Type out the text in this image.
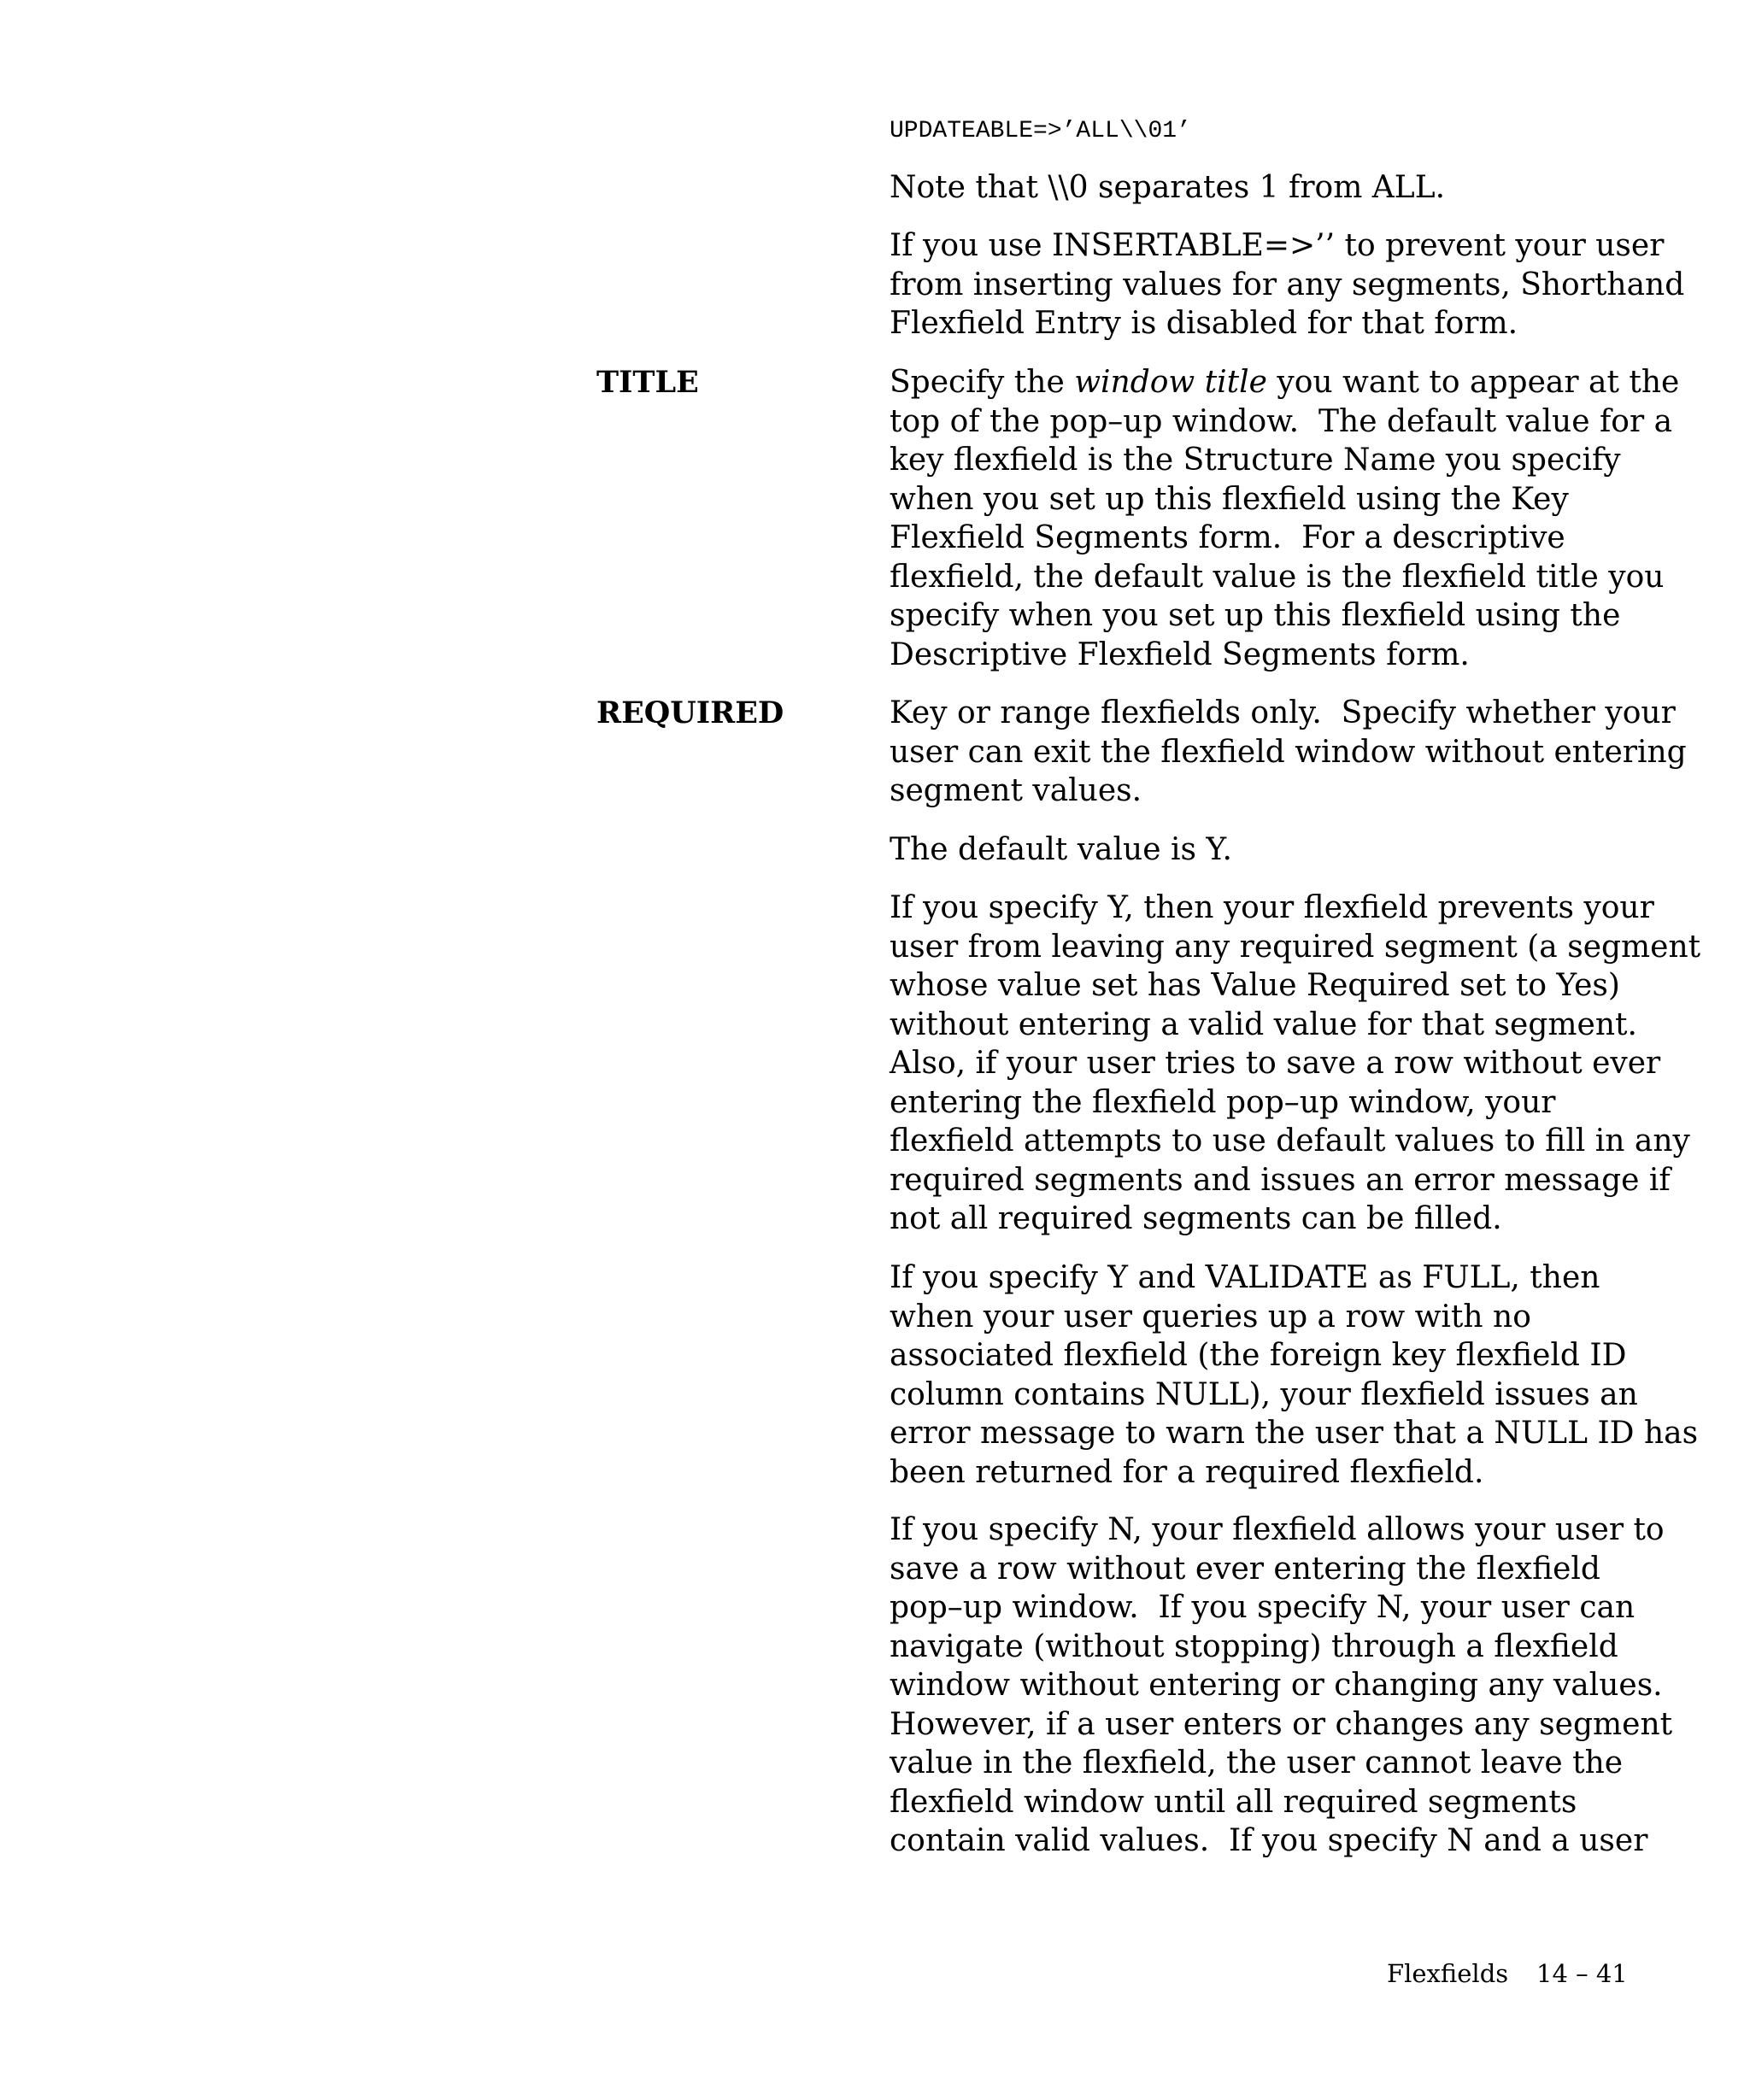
UPDATEABLE=>’ALL\\01’

Note that \\0 separates 1 from ALL.

If you use INSERTABLE=>’’ to prevent your user
from inserting values for any segments, Shorthand
Flexfield Entry is disabled for that form.

TITLE	Specify the window title you want to appear at the
top of the pop–up window.  The default value for a
key flexfield is the Structure Name you specify
when you set up this flexfield using the Key
Flexfield Segments form.  For a descriptive
flexfield, the default value is the flexfield title you
specify when you set up this flexfield using the
Descriptive Flexfield Segments form.

REQUIRED	Key or range flexfields only.  Specify whether your
user can exit the flexfield window without entering
segment values.

The default value is Y.

If you specify Y, then your flexfield prevents your
user from leaving any required segment (a segment
whose value set has Value Required set to Yes)
without entering a valid value for that segment.
Also, if your user tries to save a row without ever
entering the flexfield pop–up window, your
flexfield attempts to use default values to fill in any
required segments and issues an error message if
not all required segments can be filled.

If you specify Y and VALIDATE as FULL, then
when your user queries up a row with no
associated flexfield (the foreign key flexfield ID
column contains NULL), your flexfield issues an
error message to warn the user that a NULL ID has
been returned for a required flexfield.

If you specify N, your flexfield allows your user to
save a row without ever entering the flexfield
pop–up window.  If you specify N, your user can
navigate (without stopping) through a flexfield
window without entering or changing any values.
However, if a user enters or changes any segment
value in the flexfield, the user cannot leave the
flexfield window until all required segments
contain valid values.  If you specify N and a user

Flexfields 14 – 41
